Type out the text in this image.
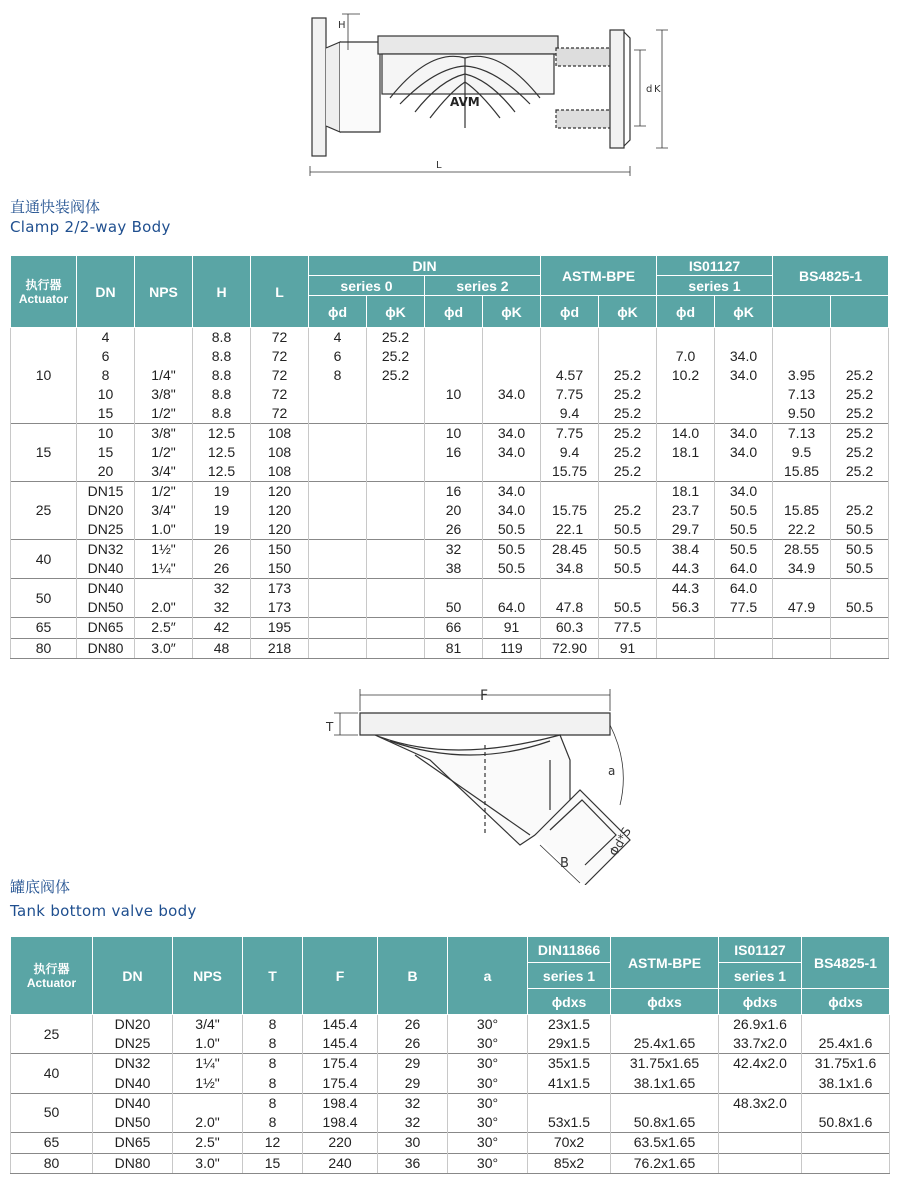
H
L
d K
AVM
直通快装阀体
Clamp 2/2-way Body
执行器
Actuator	DN	NPS	H	L	DIN				ASTM-BPE		IS01127		BS4825-1	
					series 0		series 2				series 1			
					ϕd	ϕK	ϕd	ϕK	ϕd	ϕK	ϕd	ϕK		
10	4		8.8	72	4	25.2								
	6		8.8	72	6	25.2					7.0	34.0		
	8	1/4"	8.8	72	8	25.2			4.57	25.2	10.2	34.0	3.95	25.2
	10	3/8"	8.8	72			10	34.0	7.75	25.2			7.13	25.2
	15	1/2"	8.8	72					9.4	25.2			9.50	25.2
15	10	3/8"	12.5	108			10	34.0	7.75	25.2	14.0	34.0	7.13	25.2
	15	1/2"	12.5	108			16	34.0	9.4	25.2	18.1	34.0	9.5	25.2
	20	3/4"	12.5	108					15.75	25.2			15.85	25.2
25	DN15	1/2"	19	120			16	34.0			18.1	34.0		
	DN20	3/4"	19	120			20	34.0	15.75	25.2	23.7	50.5	15.85	25.2
	DN25	1.0"	19	120			26	50.5	22.1	50.5	29.7	50.5	22.2	50.5
40	DN32	1½"	26	150			32	50.5	28.45	50.5	38.4	50.5	28.55	50.5
	DN40	1¼"	26	150			38	50.5	34.8	50.5	44.3	64.0	34.9	50.5
50	DN40		32	173							44.3	64.0		
	DN50	2.0"	32	173			50	64.0	47.8	50.5	56.3	77.5	47.9	50.5
65	DN65	2.5″	42	195			66	91	60.3	77.5				
80	DN80	3.0″	48	218			81	119	72.90	91				
F
T
a
B
Φd*S
罐底阀体
Tank bottom valve body
执行器
Actuator	DN	NPS	T	F	B	a	DIN11866	ASTM-BPE	IS01127	BS4825-1
							series 1		series 1	
							ϕdxs	ϕdxs	ϕdxs	ϕdxs
25	DN20	3/4"	8	145.4	26	30°	23x1.5		26.9x1.6	
	DN25	1.0"	8	145.4	26	30°	29x1.5	25.4x1.65	33.7x2.0	25.4x1.6
40	DN32	1¼"	8	175.4	29	30°	35x1.5	31.75x1.65	42.4x2.0	31.75x1.6
	DN40	1½"	8	175.4	29	30°	41x1.5	38.1x1.65		38.1x1.6
50	DN40		8	198.4	32	30°			48.3x2.0	
	DN50	2.0"	8	198.4	32	30°	53x1.5	50.8x1.65		50.8x1.6
65	DN65	2.5"	12	220	30	30°	70x2	63.5x1.65		
80	DN80	3.0"	15	240	36	30°	85x2	76.2x1.65		
